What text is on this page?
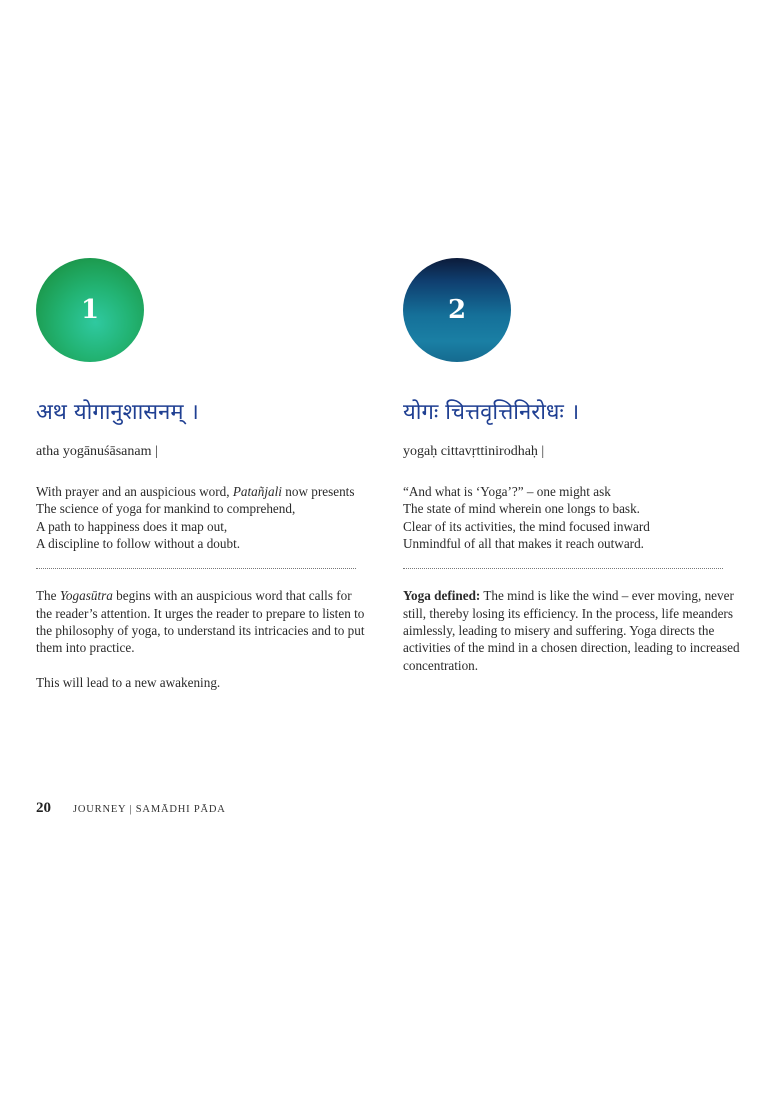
1
अथ योगानुशासनम् ।
atha yogānuśāsanam |
With prayer and an auspicious word, Patañjali now presents
The science of yoga for mankind to comprehend,
A path to happiness does it map out,
A discipline to follow without a doubt.

The Yogasūtra begins with an auspicious word that calls for the reader’s attention. It urges the reader to prepare to listen to the philosophy of yoga, to understand its intricacies and to put them into practice.

This will lead to a new awakening.

2
योगः चित्तवृत्तिनिरोधः ।
yogaḥ cittavṛttinirodhaḥ |
“And what is ‘Yoga’?” – one might ask
The state of mind wherein one longs to bask.
Clear of its activities, the mind focused inward
Unmindful of all that makes it reach outward.

Yoga defined: The mind is like the wind – ever moving, never still, thereby losing its efficiency. In the process, life meanders aimlessly, leading to misery and suffering. Yoga directs the activities of the mind in a chosen direction, leading to increased concentration.

20 JOURNEY | SAMĀDHI PĀDA
